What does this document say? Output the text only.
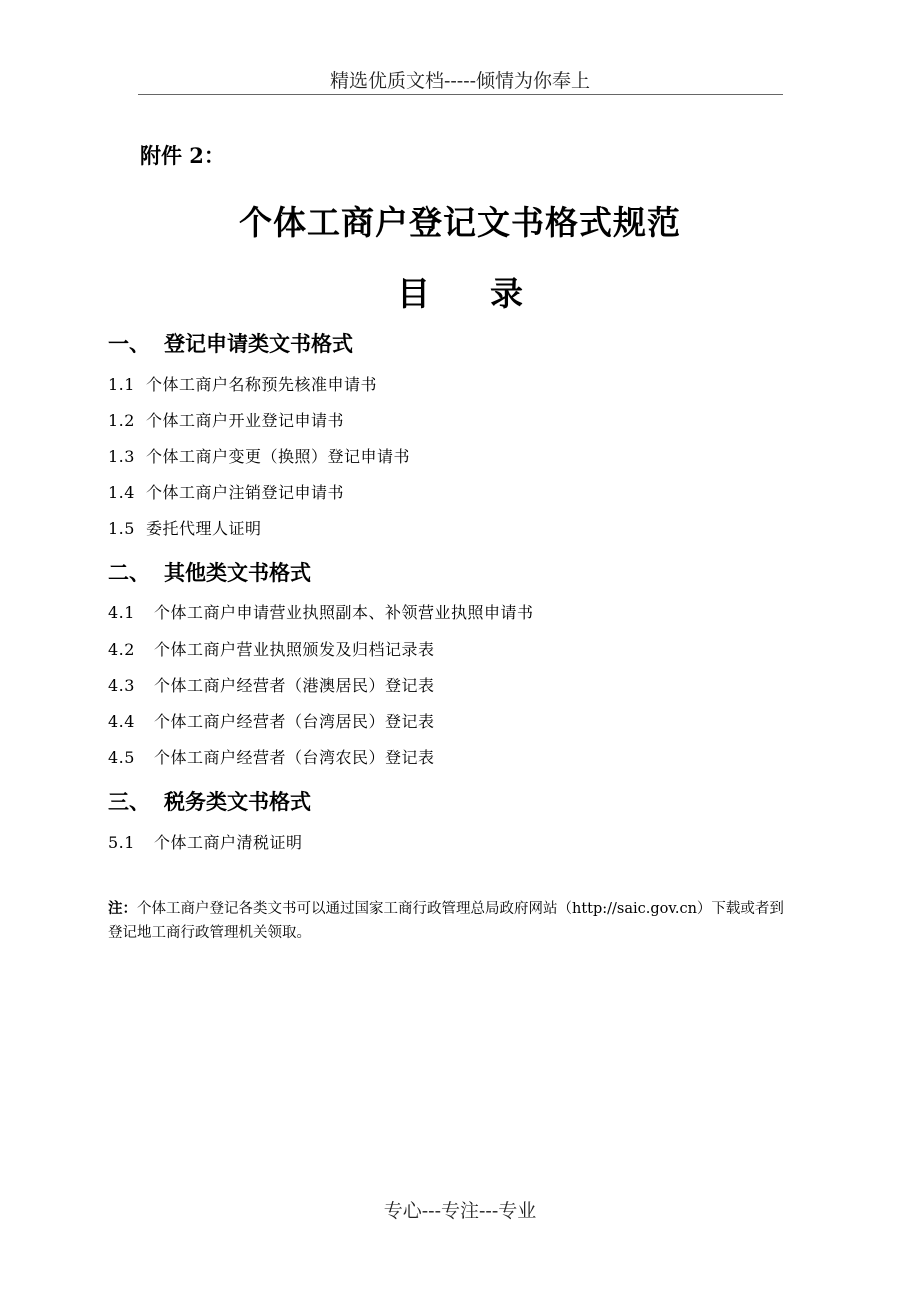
精选优质文档-----倾情为你奉上
附件 2：
个体工商户登记文书格式规范
目 录
一、 登记申请类文书格式
1.1 个体工商户名称预先核准申请书
1.2 个体工商户开业登记申请书
1.3 个体工商户变更（换照）登记申请书
1.4 个体工商户注销登记申请书
1.5 委托代理人证明
二、 其他类文书格式
4.1 个体工商户申请营业执照副本、补领营业执照申请书
4.2 个体工商户营业执照颁发及归档记录表
4.3 个体工商户经营者（港澳居民）登记表
4.4 个体工商户经营者（台湾居民）登记表
4.5 个体工商户经营者（台湾农民）登记表
三、 税务类文书格式
5.1 个体工商户清税证明
注：个体工商户登记各类文书可以通过国家工商行政管理总局政府网站（http://saic.gov.cn）下载或者到登记地工商行政管理机关领取。
专心---专注---专业
